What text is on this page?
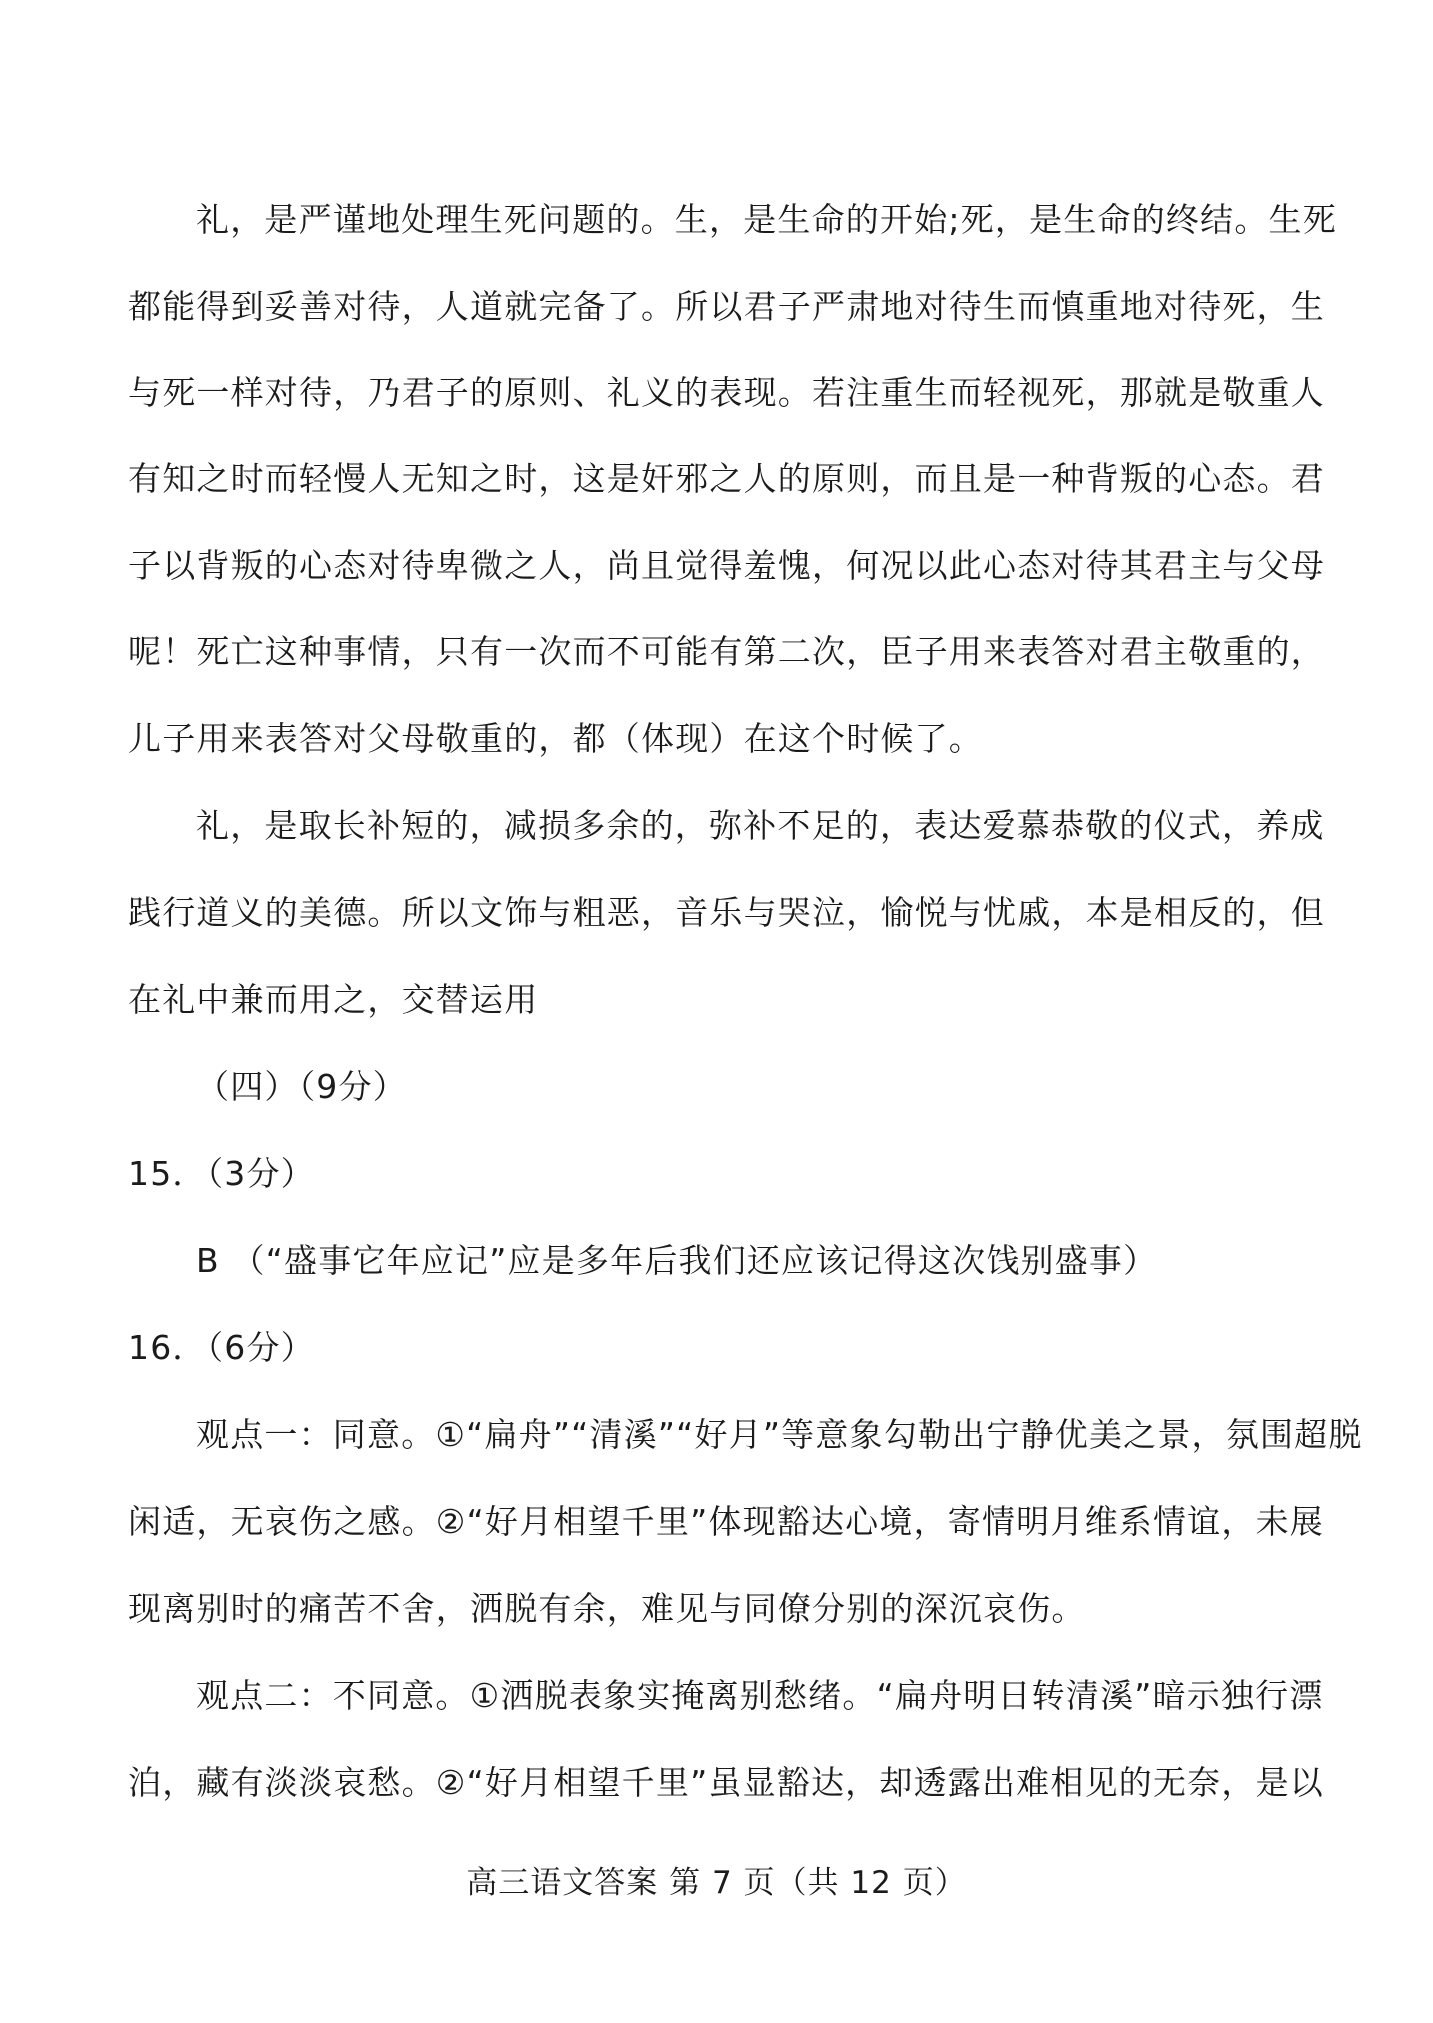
礼，是严谨地处理生死问题的。生，是生命的开始;死，是生命的终结。生死
都能得到妥善对待，人道就完备了。所以君子严肃地对待生而慎重地对待死，生
与死一样对待，乃君子的原则、礼义的表现。若注重生而轻视死，那就是敬重人
有知之时而轻慢人无知之时，这是奸邪之人的原则，而且是一种背叛的心态。君
子以背叛的心态对待卑微之人，尚且觉得羞愧，何况以此心态对待其君主与父母
呢！死亡这种事情，只有一次而不可能有第二次，臣子用来表答对君主敬重的，
儿子用来表答对父母敬重的，都（体现）在这个时候了。
礼，是取长补短的，减损多余的，弥补不足的，表达爱慕恭敬的仪式，养成
践行道义的美德。所以文饰与粗恶，音乐与哭泣，愉悦与忧戚，本是相反的，但
在礼中兼而用之，交替运用
（四）（9分）
15．（3分）
B （“盛事它年应记”应是多年后我们还应该记得这次饯别盛事）
16．（6分）
观点一：同意。①“扁舟”“清溪”“好月”等意象勾勒出宁静优美之景，氛围超脱
闲适，无哀伤之感。②“好月相望千里”体现豁达心境，寄情明月维系情谊，未展
现离别时的痛苦不舍，洒脱有余，难见与同僚分别的深沉哀伤。
观点二：不同意。①洒脱表象实掩离别愁绪。“扁舟明日转清溪”暗示独行漂
泊，藏有淡淡哀愁。②“好月相望千里”虽显豁达，却透露出难相见的无奈，是以
高三语文答案 第 7 页（共 12 页）
